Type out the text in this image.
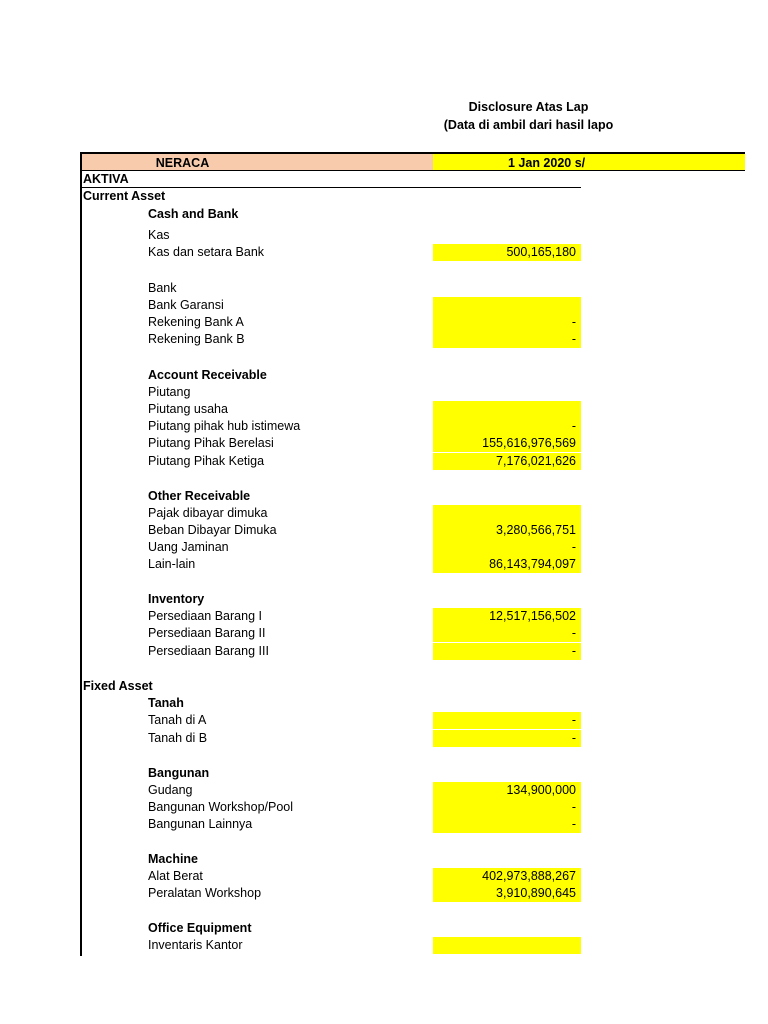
Disclosure Atas Lap
(Data di ambil dari hasil lapo
NERACA	1 Jan 2020 s/
AKTIVA
Current Asset
Cash and Bank
Kas
Kas dan setara Bank	500,165,180
Bank
Bank Garansi
Rekening Bank A	-
Rekening Bank B	-
Account Receivable
Piutang
Piutang usaha
Piutang pihak hub istimewa	-
Piutang Pihak Berelasi	155,616,976,569
Piutang Pihak Ketiga	7,176,021,626
Other Receivable
Pajak dibayar dimuka
Beban Dibayar Dimuka	3,280,566,751
Uang Jaminan	-
Lain-lain	86,143,794,097
Inventory
Persediaan Barang I	12,517,156,502
Persediaan Barang II	-
Persediaan Barang III	-
Fixed Asset
Tanah
Tanah di A	-
Tanah di B	-
Bangunan
Gudang	134,900,000
Bangunan Workshop/Pool	-
Bangunan Lainnya	-
Machine
Alat Berat	402,973,888,267
Peralatan Workshop	3,910,890,645
Office Equipment
Inventaris Kantor
